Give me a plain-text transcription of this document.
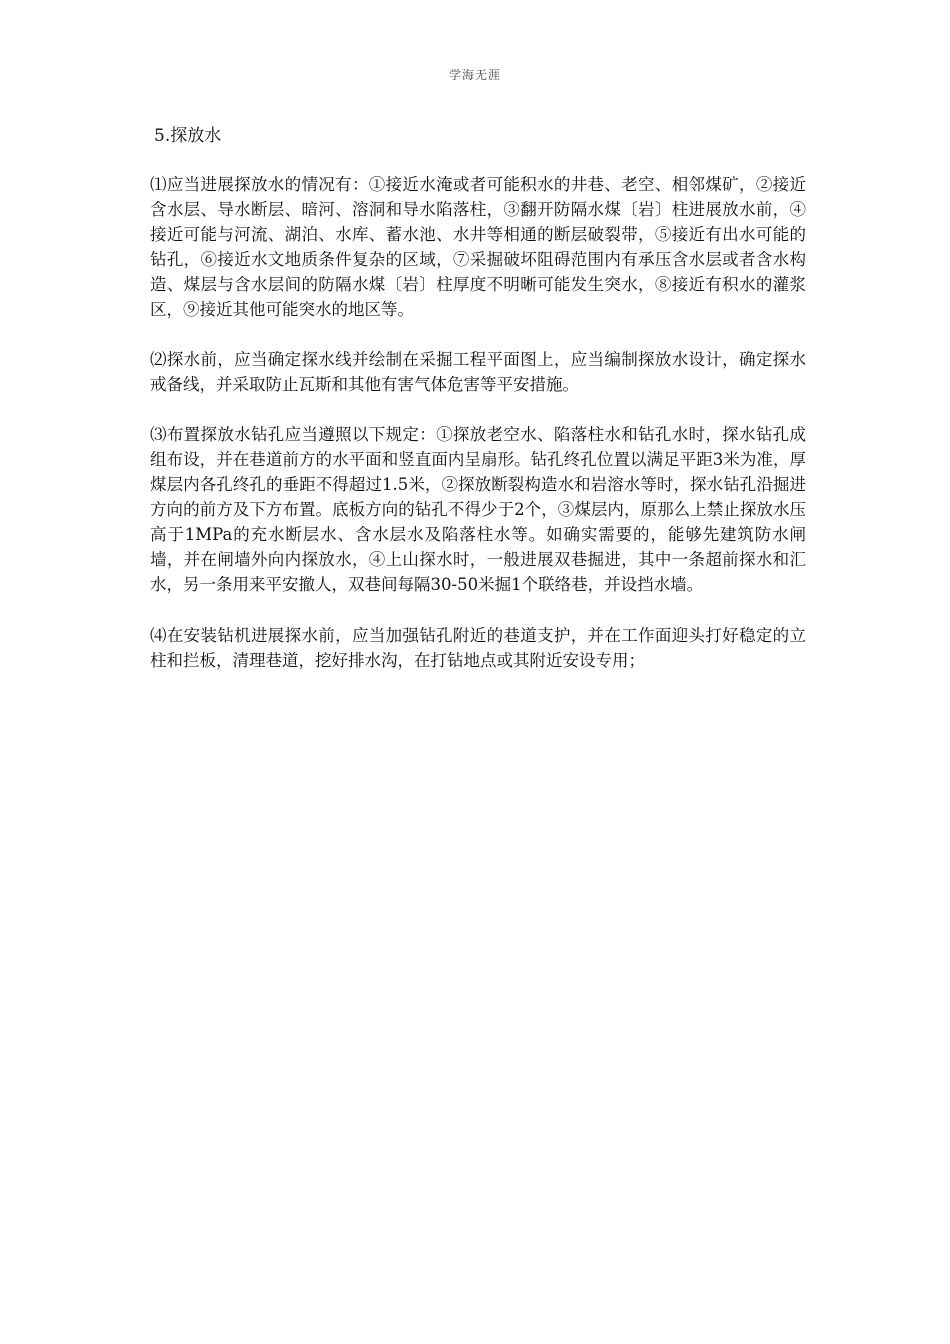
学海无涯
5.探放水

⑴应当进展探放水的情况有：①接近水淹或者可能积水的井巷、老空、相邻煤矿，②接近含水层、导水断层、暗河、溶洞和导水陷落柱，③翻开防隔水煤〔岩〕柱进展放水前，④接近可能与河流、湖泊、水库、蓄水池、水井等相通的断层破裂带，⑤接近有出水可能的钻孔，⑥接近水文地质条件复杂的区域，⑦采掘破坏阻碍范围内有承压含水层或者含水构造、煤层与含水层间的防隔水煤〔岩〕柱厚度不明晰可能发生突水，⑧接近有积水的灌浆区，⑨接近其他可能突水的地区等。

⑵探水前，应当确定探水线并绘制在采掘工程平面图上，应当编制探放水设计，确定探水戒备线，并采取防止瓦斯和其他有害气体危害等平安措施。

⑶布置探放水钻孔应当遵照以下规定：①探放老空水、陷落柱水和钻孔水时，探水钻孔成组布设，并在巷道前方的水平面和竖直面内呈扇形。钻孔终孔位置以满足平距3米为准，厚煤层内各孔终孔的垂距不得超过1.5米，②探放断裂构造水和岩溶水等时，探水钻孔沿掘进方向的前方及下方布置。底板方向的钻孔不得少于2个，③煤层内，原那么上禁止探放水压高于1MPa的充水断层水、含水层水及陷落柱水等。如确实需要的，能够先建筑防水闸墙，并在闸墙外向内探放水，④上山探水时，一般进展双巷掘进，其中一条超前探水和汇水，另一条用来平安撤人，双巷间每隔30-50米掘1个联络巷，并设挡水墙。

⑷在安装钻机进展探水前，应当加强钻孔附近的巷道支护，并在工作面迎头打好稳定的立柱和拦板，清理巷道，挖好排水沟，在打钻地点或其附近安设专用；
